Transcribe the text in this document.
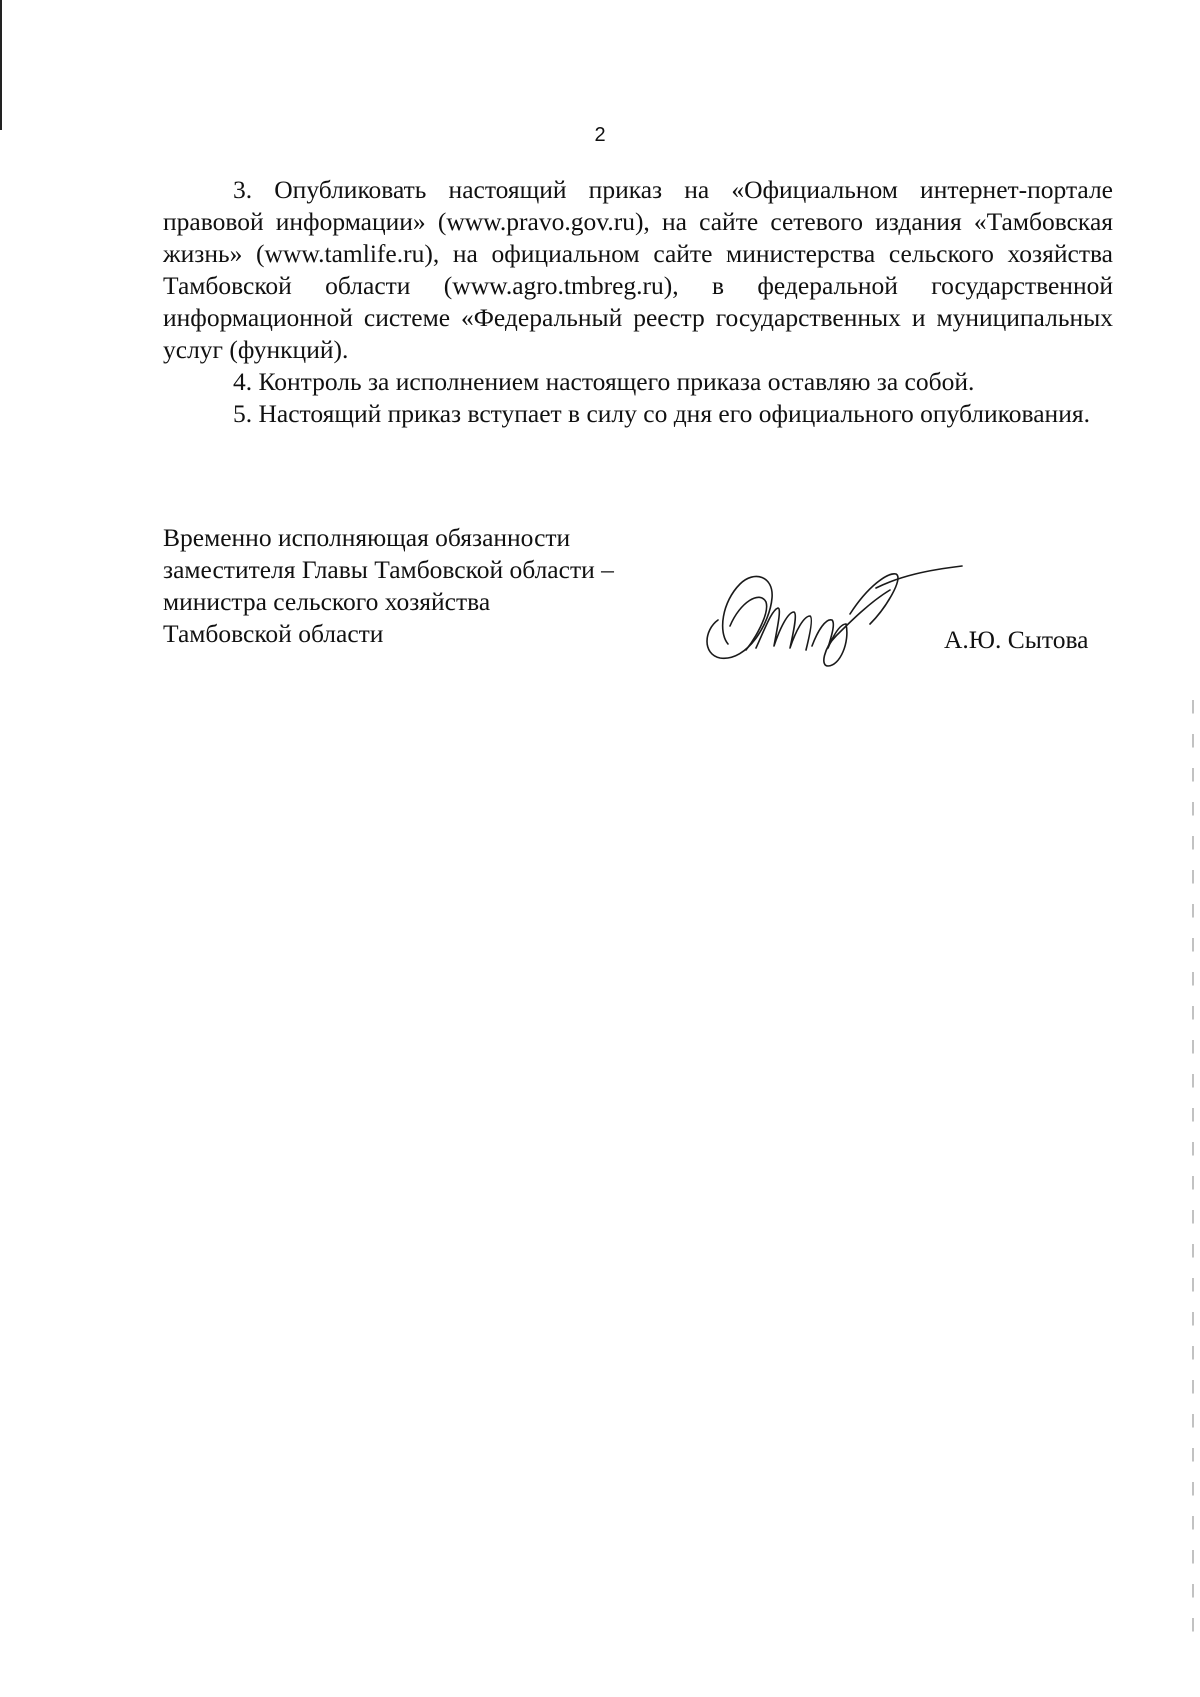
2

3. Опубликовать настоящий приказ на «Официальном интернет-портале правовой информации» (www.pravo.gov.ru), на сайте сетевого издания «Тамбовская жизнь» (www.tamlife.ru), на официальном сайте министерства сельского хозяйства Тамбовской области (www.agro.tmbreg.ru), в федеральной государственной информационной системе «Федеральный реестр государственных и муниципальных услуг (функций).

4. Контроль за исполнением настоящего приказа оставляю за собой.

5. Настоящий приказ вступает в силу со дня его официального опубликования.

Временно исполняющая обязанности
заместителя Главы Тамбовской области –
министра сельского хозяйства
Тамбовской области	А.Ю. Сытова
